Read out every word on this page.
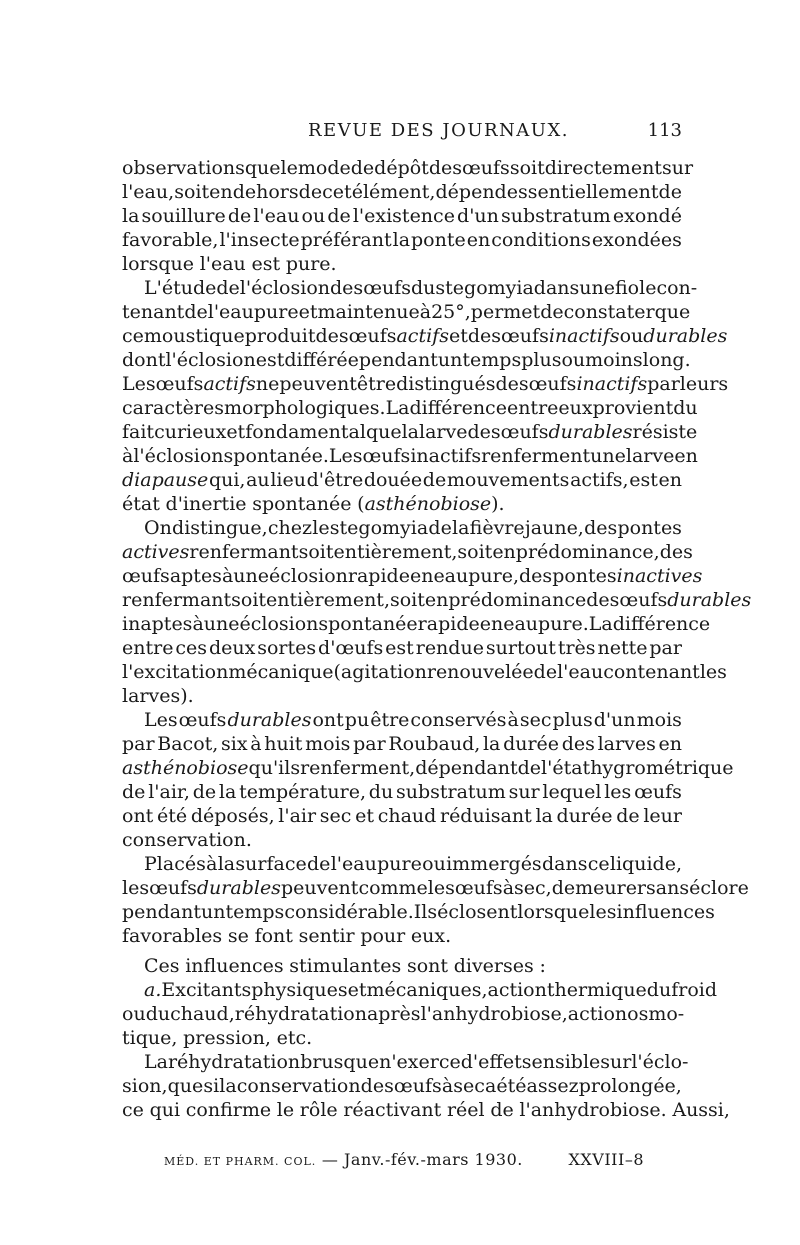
REVUE DES JOURNAUX.	113
observations que le mode de dépôt des œufs soit directement sur
l'eau, soit en dehors de cet élément, dépend essentiellement de
la souillure de l'eau ou de l'existence d'un substratum exondé
favorable, l'insecte préférant la ponte en conditions exondées
lorsque l'eau est pure.
L'étude de l'éclosion des œufs du stegomyia dans une fiole con-
tenant de l'eau pure et maintenue à 25°, permet de constater que
ce moustique produit des œufs actifs et des œufs inactifs ou durables
dont l'éclosion est différée pendant un temps plus ou moins long.
Les œufs actifs ne peuvent être distingués des œufs inactifs par leurs
caractères morphologiques. La différence entre eux provient du
fait curieux et fondamental que la larve des œufs durables résiste
à l'éclosion spontanée. Les œufs inactifs renferment une larve en
diapause qui, au lieu d'être douée de mouvements actifs, est en
état d'inertie spontanée (asthénobiose).
On distingue, chez le stegomyia de la fièvre jaune, des pontes
actives renfermant soit entièrement, soit en prédominance, des
œufs aptes à une éclosion rapide en eau pure, des pontes inactives
renfermant soit entièrement, soit en prédominance des œufs durables
inaptes à une éclosion spontanée rapide en eau pure. La différence
entre ces deux sortes d'œufs est rendue surtout très nette par
l'excitation mécanique (agitation renouvelée de l'eau contenant les
larves).
Les œufs durables ont pu être conservés à sec plus d'un mois
par Bacot, six à huit mois par Roubaud, la durée des larves en
asthénobiose qu'ils renferment, dépendant de l'état hygrométrique
de l'air, de la température, du substratum sur lequel les œufs
ont été déposés, l'air sec et chaud réduisant la durée de leur
conservation.
Placés à la surface de l'eau pure ou immergés dans ce liquide,
les œufs durables peuvent comme les œufs à sec, demeurer sans éclore
pendant un temps considérable. Ils éclosent lorsque les influences
favorables se font sentir pour eux.
Ces influences stimulantes sont diverses :
a. Excitants physiques et mécaniques, action thermique du froid
ou du chaud, réhydratation après l'anhydrobiose, action osmo-
tique, pression, etc.
La réhydratation brusque n'exerce d'effet sensible sur l'éclo-
sion, que si la conservation des œufs à sec a été assez prolongée,
ce qui confirme le rôle réactivant réel de l'anhydrobiose. Aussi,
MÉD. ET PHARM. COL. — Janv.-fév.-mars 1930.	XXVIII–8
